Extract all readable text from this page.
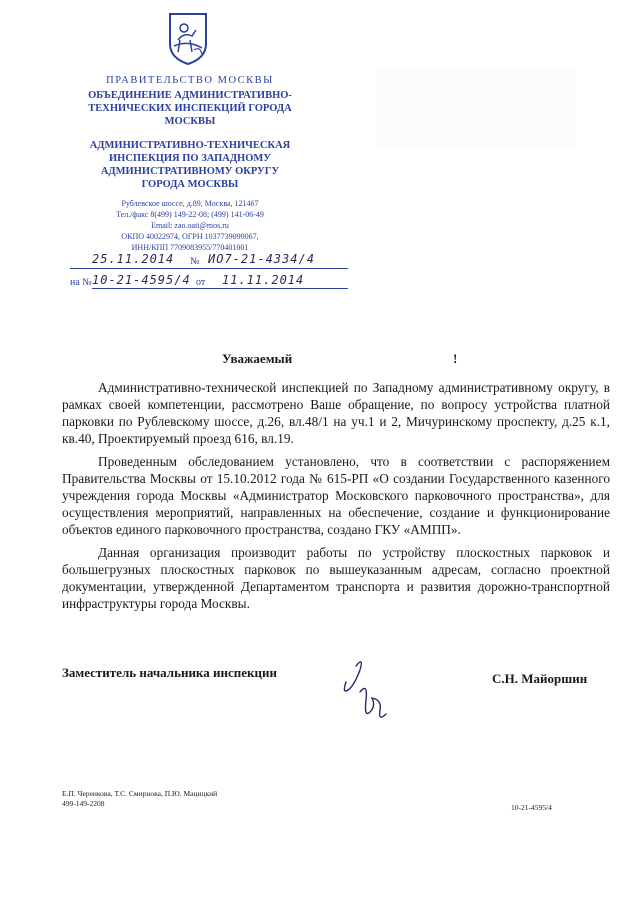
ПРАВИТЕЛЬСТВО МОСКВЫ
ОБЪЕДИНЕНИЕ АДМИНИСТРАТИВНО-
ТЕХНИЧЕСКИХ ИНСПЕКЦИЙ ГОРОДА
МОСКВЫ
АДМИНИСТРАТИВНО-ТЕХНИЧЕСКАЯ
ИНСПЕКЦИЯ ПО ЗАПАДНОМУ
АДМИНИСТРАТИВНОМУ ОКРУГУ
ГОРОДА МОСКВЫ
Рублевское шоссе, д.89, Москва, 121467
Тел./факс 8(499) 149-22-08; (499) 141-06-49
Email: zao.oati@mos.ru
ОКПО 40022974, ОГРН 1037739099067,
ИНН/КПП 7709083955/770401001
25.11.2014 № ИО7-21-4334/4
на № 10-21-4595/4 от 11.11.2014
Уважаемый	!

Административно-технической инспекцией по Западному административному округу, в рамках своей компетенции, рассмотрено Ваше обращение, по вопросу устройства платной парковки по Рублевскому шоссе, д.26, вл.48/1 на уч.1 и 2, Мичуринскому проспекту, д.25 к.1, кв.40, Проектируемый проезд 616, вл.19.

Проведенным обследованием установлено, что в соответствии с распоряжением Правительства Москвы от 15.10.2012 года № 615-РП «О создании Государственного казенного учреждения города Москвы «Администратор Московского парковочного пространства», для осуществления мероприятий, направленных на обеспечение, создание и функционирование объектов единого парковочного пространства, создано ГКУ «АМПП».

Данная организация производит работы по устройству плоскостных парковок и большегрузных плоскостных парковок по вышеуказанным адресам, согласно проектной документации, утвержденной Департаментом транспорта и развития дорожно-транспортной инфраструктуры города Москвы.

Заместитель начальника инспекции	С.Н. Майоршин
Е.П. Черенкова, Т.С. Смирнова, П.Ю. Мацицкий
499-149-2208	10-21-4595/4
